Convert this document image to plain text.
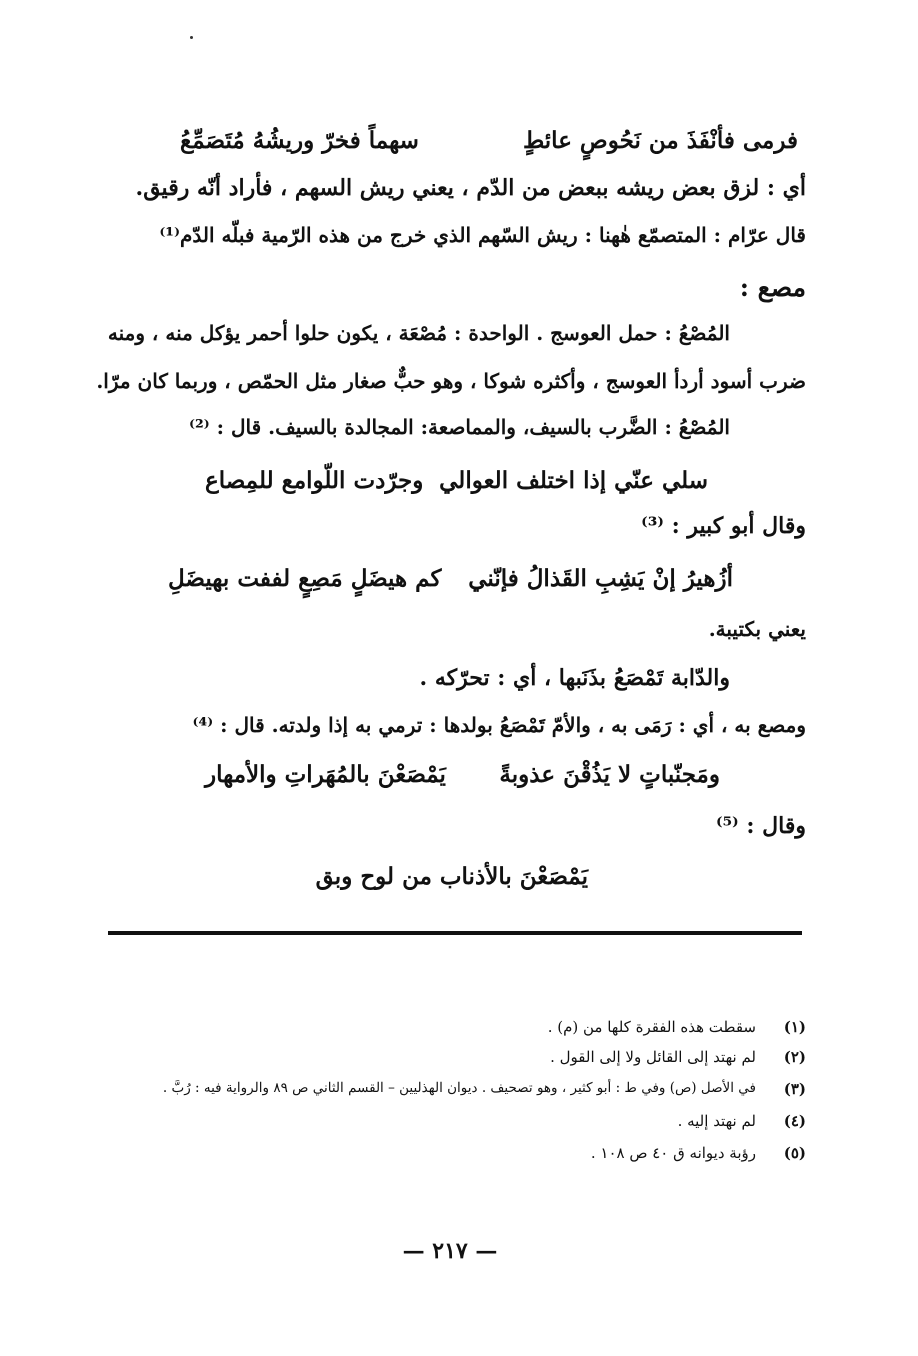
فرمى فأنْفَذَ من نَحُوصٍ عائطٍ
سهماً فخرّ وريشُهُ مُتَصَمِّعُ
أي : لزق بعض ريشه ببعض من الدّم ، يعني ريش السهم ، فأراد أنّه رقيق.
قال عرّام : المتصمّع هٰهنا : ريش السّهم الذي خرج من هذه الرّمية فبلّه الدّم⁽¹⁾
مصع :
المُصْعُ : حمل العوسج . الواحدة : مُصْعَة ، يكون حلوا أحمر يؤكل منه ، ومنه
ضرب أسود أردأ العوسج ، وأكثره شوكا ، وهو حبٌّ صغار مثل الحمّص ، وربما كان مرّا.
المُصْعُ : الضَّرب بالسيف، والمماصعة: المجالدة بالسيف. قال : ⁽²⁾
سلي عنّي إذا اختلف العوالي
وجرّدت اللّوامع للمِصاع
وقال أبو كبير : ⁽³⁾
أزُهيرُ إنْ يَشِبِ القَذالُ فإنّني
كم هيضَلٍ مَصِعٍ لففت بهيضَلِ
يعني بكتيبة.
والدّابة تَمْصَعُ بذَنَبها ، أي : تحرّكه .
ومصع به ، أي : رَمَى به ، والأمّ تَمْصَعُ بولدها : ترمي به إذا ولدته. قال : ⁽⁴⁾
ومَجنّباتٍ لا يَذُقْنَ عذوبةً
يَمْصَعْنَ بالمُهَراتِ والأمهار
وقال : ⁽⁵⁾
يَمْصَعْنَ بالأذناب من لوح وبق
(١)
سقطت هذه الفقرة كلها من (م) .
(٢)
لم نهتد إلى القائل ولا إلى القول .
(٣)
في الأصل (ص) وفي ط : أبو كثير ، وهو تصحيف . ديوان الهذليين – القسم الثاني ص ٨٩ والرواية فيه : رُبَّ .
(٤)
لم نهتد إليه .
(٥)
رؤبة ديوانه ق ٤٠ ص ١٠٨ .
— ٢١٧ —
